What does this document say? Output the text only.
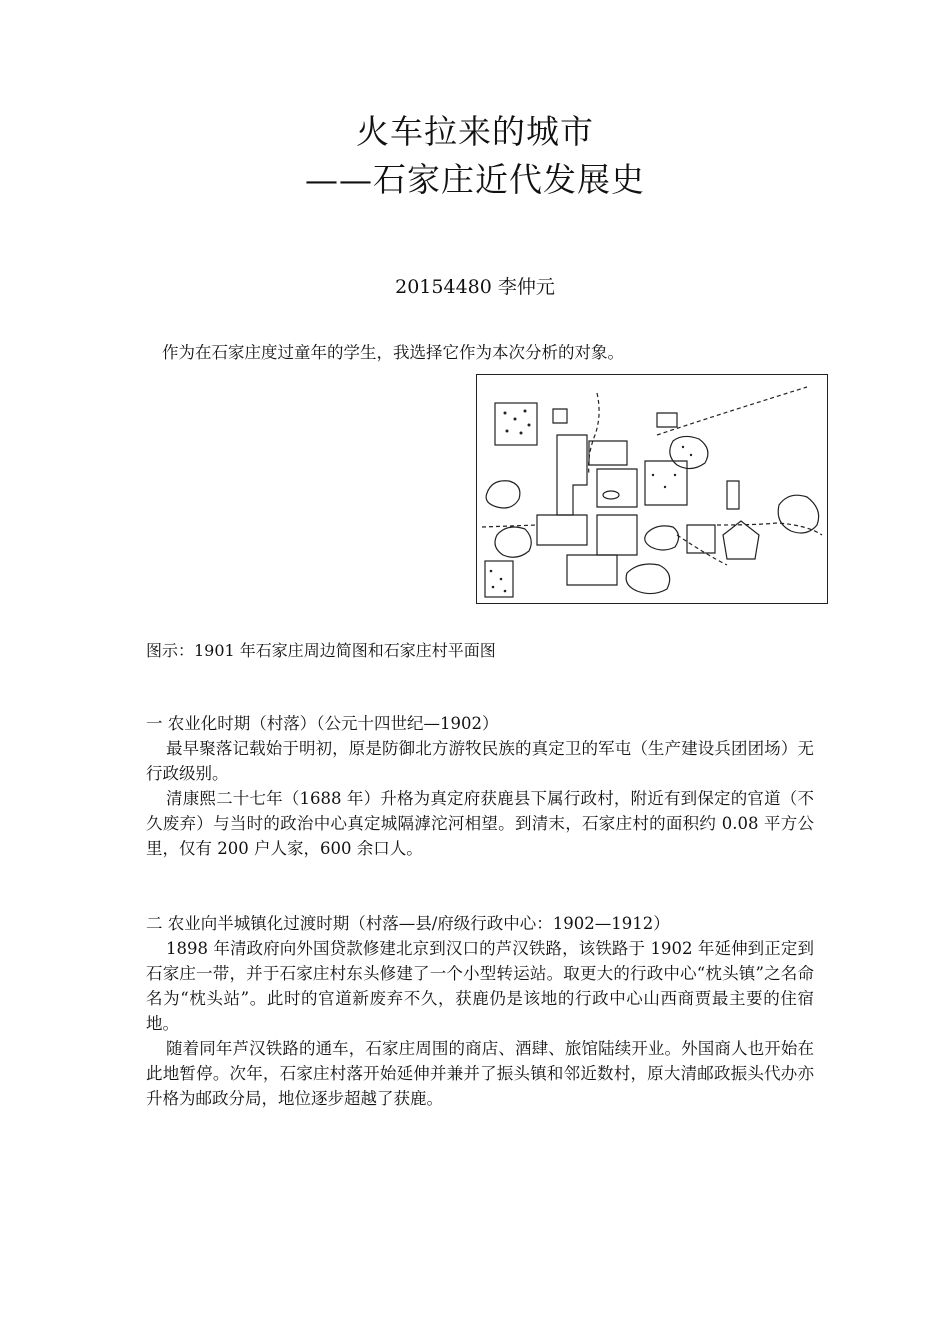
火车拉来的城市
——石家庄近代发展史
20154480 李仲元
作为在石家庄度过童年的学生，我选择它作为本次分析的对象。
图示：1901 年石家庄周边简图和石家庄村平面图
一 农业化时期（村落）（公元十四世纪—1902）
最早聚落记载始于明初，原是防御北方游牧民族的真定卫的军屯（生产建设兵团团场）无行政级别。
清康熙二十七年（1688 年）升格为真定府获鹿县下属行政村，附近有到保定的官道（不久废弃）与当时的政治中心真定城隔滹沱河相望。到清末，石家庄村的面积约 0.08 平方公里，仅有 200 户人家，600 余口人。
二 农业向半城镇化过渡时期（村落—县/府级行政中心：1902—1912）
1898 年清政府向外国贷款修建北京到汉口的芦汉铁路，该铁路于 1902 年延伸到正定到石家庄一带，并于石家庄村东头修建了一个小型转运站。取更大的行政中心“枕头镇”之名命名为“枕头站”。此时的官道新废弃不久，获鹿仍是该地的行政中心山西商贾最主要的住宿地。
随着同年芦汉铁路的通车，石家庄周围的商店、酒肆、旅馆陆续开业。外国商人也开始在此地暂停。次年，石家庄村落开始延伸并兼并了振头镇和邻近数村，原大清邮政振头代办亦升格为邮政分局，地位逐步超越了获鹿。
